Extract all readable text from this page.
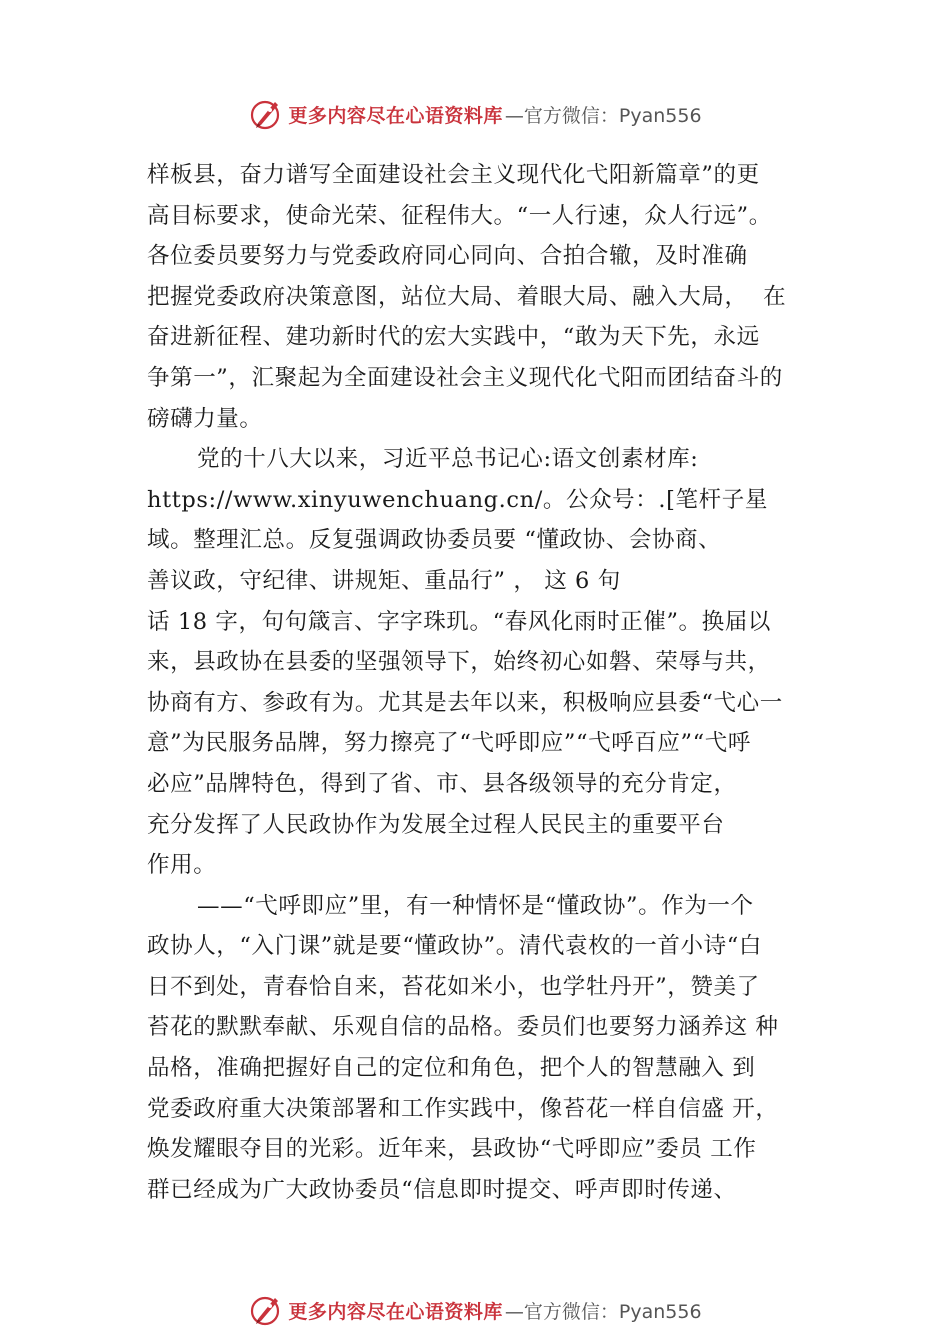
更多内容尽在心语资料库 —官方微信：Pyan556
样板县，奋力谱写全面建设社会主义现代化弋阳新篇章”的更
高目标要求，使命光荣、征程伟大。“一人行速，众人行远”。
各位委员要努力与党委政府同心同向、合拍合辙，及时准确
把握党委政府决策意图，站位大局、着眼大局、融入大局，  在
奋进新征程、建功新时代的宏大实践中，“敢为天下先，永远
争第一”，汇聚起为全面建设社会主义现代化弋阳而团结奋斗的
磅礴力量。
党的十八大以来，习近平总书记心:语文创素材库:
https://www.xinyuwenchuang.cn/。公众号：.[笔杆子星
域。整理汇总。反复强调政协委员要 “懂政协、会协商、
善议政，守纪律、讲规矩、重品行” ， 这 6 句
话 18 字，句句箴言、字字珠玑。“春风化雨时正催”。换届以
来，县政协在县委的坚强领导下，始终初心如磐、荣辱与共，
协商有方、参政有为。尤其是去年以来，积极响应县委“弋心一
意”为民服务品牌，努力擦亮了“弋呼即应”“弋呼百应”“弋呼
必应”品牌特色，得到了省、市、县各级领导的充分肯定，
充分发挥了人民政协作为发展全过程人民民主的重要平台
作用。
——“弋呼即应”里，有一种情怀是“懂政协”。作为一个
政协人，“入门课”就是要“懂政协”。清代袁枚的一首小诗“白
日不到处，青春恰自来，苔花如米小，也学牡丹开”，赞美了
苔花的默默奉献、乐观自信的品格。委员们也要努力涵养这 种
品格，准确把握好自己的定位和角色，把个人的智慧融入 到
党委政府重大决策部署和工作实践中，像苔花一样自信盛 开，
焕发耀眼夺目的光彩。近年来，县政协“弋呼即应”委员 工作
群已经成为广大政协委员“信息即时提交、呼声即时传递、
更多内容尽在心语资料库 —官方微信：Pyan556
